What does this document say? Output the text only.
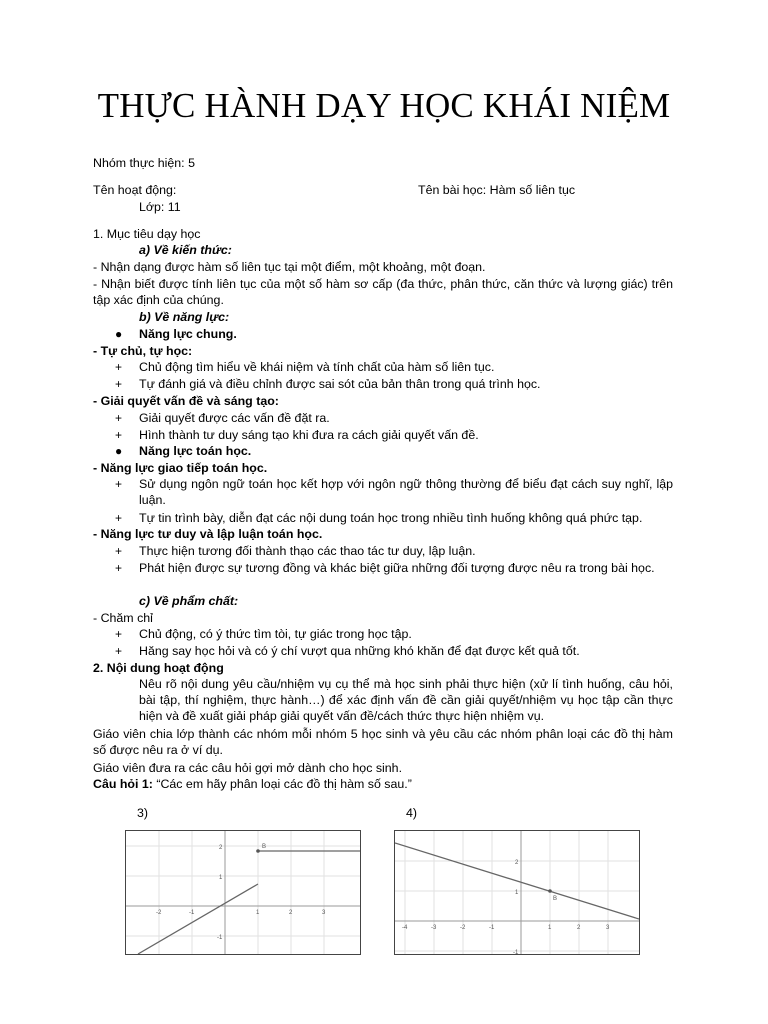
THỰC HÀNH DẠY HỌC KHÁI NIỆM
Nhóm thực hiện: 5
Tên hoạt động:	Tên bài học: Hàm số liên tục
Lớp: 11
1. Mục tiêu dạy học
a) Về kiến thức:
- Nhận dạng được hàm số liên tục tại một điểm, một khoảng, một đoạn.
- Nhận biết được tính liên tục của một số hàm sơ cấp (đa thức, phân thức, căn thức và lượng giác) trên tập xác định của chúng.
b) Về năng lực:
● Năng lực chung.
- Tự chủ, tự học:
+ Chủ động tìm hiểu về khái niệm và tính chất của hàm số liên tục.
+ Tự đánh giá và điều chỉnh được sai sót của bản thân trong quá trình học.
- Giải quyết vấn đề và sáng tạo:
+ Giải quyết được các vấn đề đặt ra.
+ Hình thành tư duy sáng tạo khi đưa ra cách giải quyết vấn đề.
● Năng lực toán học.
- Năng lực giao tiếp toán học.
+ Sử dụng ngôn ngữ toán học kết hợp với ngôn ngữ thông thường để biểu đạt cách suy nghĩ, lập luận.
+ Tự tin trình bày, diễn đạt các nội dung toán học trong nhiều tình huống không quá phức tạp.
- Năng lực tư duy và lập luận toán học.
+ Thực hiện tương đối thành thạo các thao tác tư duy, lập luận.
+ Phát hiện được sự tương đồng và khác biệt giữa những đối tượng được nêu ra trong bài học.
c) Về phẩm chất:
- Chăm chỉ
+ Chủ động, có ý thức tìm tòi, tự giác trong học tập.
+ Hăng say học hỏi và có ý chí vượt qua những khó khăn để đạt được kết quả tốt.
2. Nội dung hoạt động
Nêu rõ nội dung yêu cầu/nhiệm vụ cụ thể mà học sinh phải thực hiện (xử lí tình huống, câu hỏi, bài tập, thí nghiệm, thực hành…) để xác định vấn đề cần giải quyết/nhiệm vụ học tập cần thực hiện và đề xuất giải pháp giải quyết vấn đề/cách thức thực hiện nhiệm vụ.
Giáo viên chia lớp thành các nhóm mỗi nhóm 5 học sinh và yêu cầu các nhóm phân loại các đồ thị hàm số được nêu ra ở ví dụ.
Giáo viên đưa ra các câu hỏi gợi mở dành cho học sinh.
Câu hỏi 1: “Các em hãy phân loại các đồ thị hàm số sau.”
3)	4)
B
-2	-1	1	2	3
2
1
-1
B
-4	-3	-2	-1	1	2	3
2
1
-1
